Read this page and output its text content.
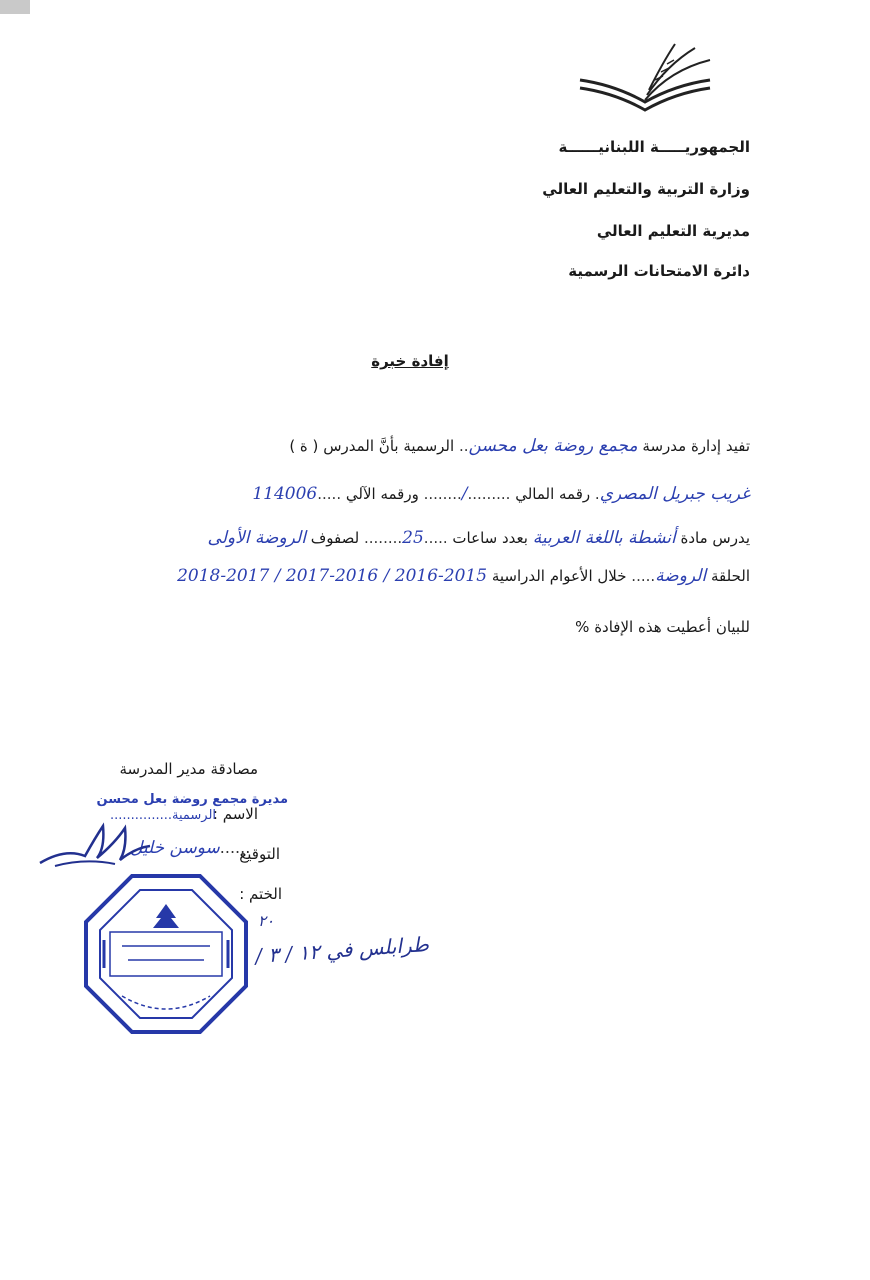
الجمهوريـــــة اللبنانيــــــة
وزارة التربية والتعليم العالي
مديرية التعليم العالي
دائرة الامتحانات الرسمية
إفادة خبرة
تفيد إدارة مدرسة مجمع روضة بعل محسن.. الرسمية بأنَّ المدرس ( ة )
غريب جبريل المصري. رقمه المالي ........./........ ورقمه الآلي .....114006
يدرس مادة أنشطة باللغة العربية بعدد ساعات .....25........ لصفوف الروضة الأولى
الحلقة الروضة..... خلال الأعوام الدراسية 2015-2016 / 2016-2017 / 2017-2018
للبيان أعطيت هذه الإفادة %
مصادقة مدير المدرسة
مديرة مجمع روضة بعل محسن
الاسم :
الرسمية...............
التوقيع
سوسن خليل......
الختم :
٢٠
طرابلس في ١٢ / ٣ /
